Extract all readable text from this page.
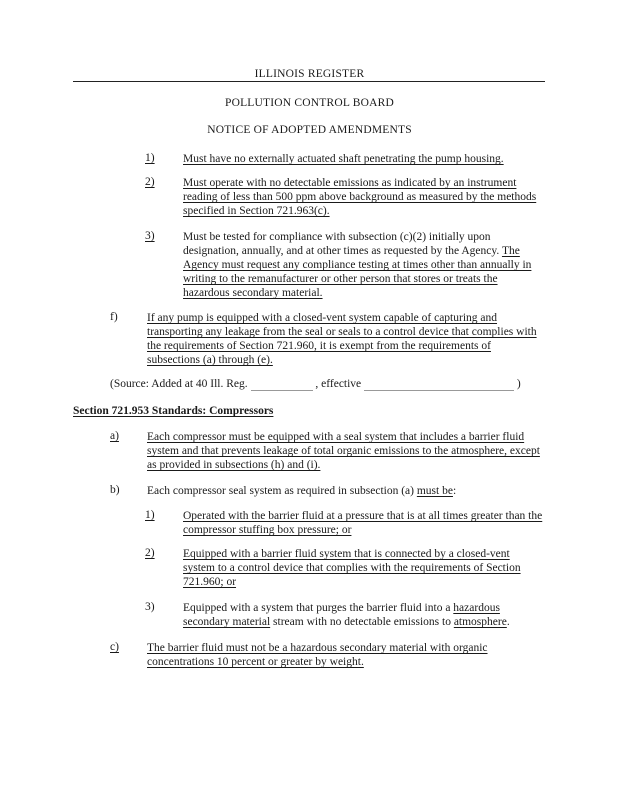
ILLINOIS REGISTER
POLLUTION CONTROL BOARD
NOTICE OF ADOPTED AMENDMENTS
1)	Must have no externally actuated shaft penetrating the pump housing.
2)	Must operate with no detectable emissions as indicated by an instrument reading of less than 500 ppm above background as measured by the methods specified in Section 721.963(c).
3)	Must be tested for compliance with subsection (c)(2) initially upon designation, annually, and at other times as requested by the Agency. The Agency must request any compliance testing at times other than annually in writing to the remanufacturer or other person that stores or treats the hazardous secondary material.
f)	If any pump is equipped with a closed-vent system capable of capturing and transporting any leakage from the seal or seals to a control device that complies with the requirements of Section 721.960, it is exempt from the requirements of subsections (a) through (e).
(Source: Added at 40 Ill. Reg.	, effective	)
Section 721.953 Standards: Compressors
a)	Each compressor must be equipped with a seal system that includes a barrier fluid system and that prevents leakage of total organic emissions to the atmosphere, except as provided in subsections (h) and (i).
b)	Each compressor seal system as required in subsection (a) must be:
1)	Operated with the barrier fluid at a pressure that is at all times greater than the compressor stuffing box pressure; or
2)	Equipped with a barrier fluid system that is connected by a closed-vent system to a control device that complies with the requirements of Section 721.960; or
3)	Equipped with a system that purges the barrier fluid into a hazardous secondary material stream with no detectable emissions to atmosphere.
c)	The barrier fluid must not be a hazardous secondary material with organic concentrations 10 percent or greater by weight.
